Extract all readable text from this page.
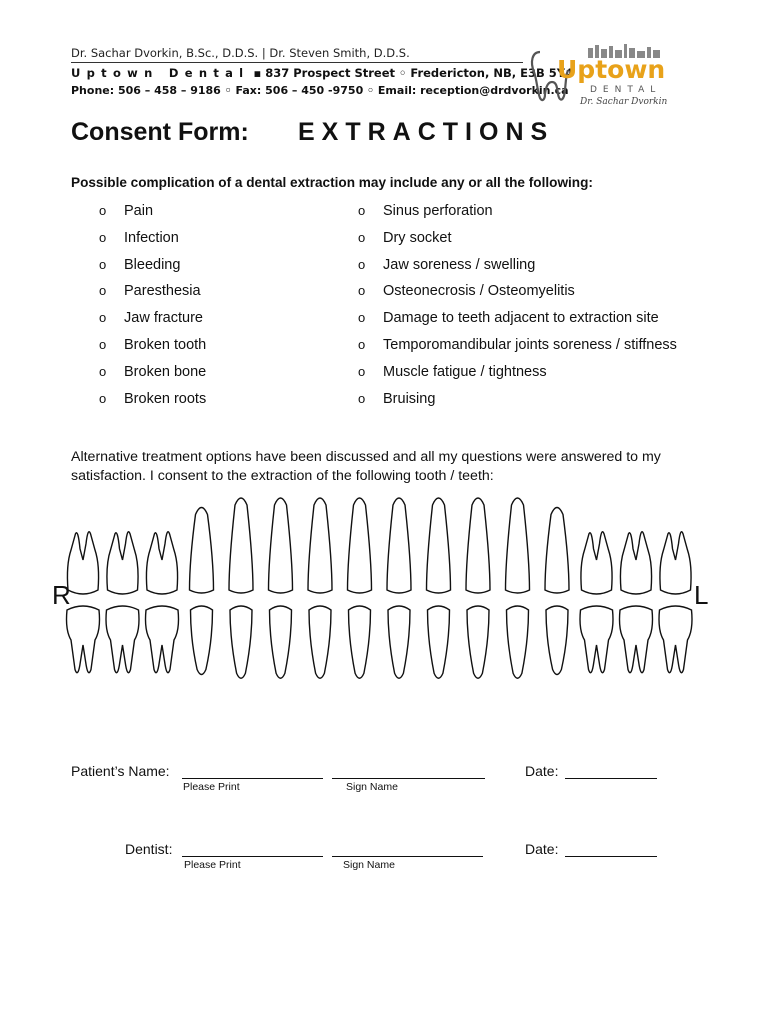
Dr. Sachar Dvorkin, B.Sc., D.D.S. | Dr. Steven Smith, D.D.S.
Uptown Dental ▪ 837 Prospect Street ◦ Fredericton, NB, E3B 5Y4
Phone: 506 – 458 – 9186 ◦ Fax: 506 – 450 -9750 ◦ Email: reception@drdvorkin.ca
Uptown
DENTAL
Dr. Sachar Dvorkin
Consent Form: EXTRACTIONS
Possible complication of a dental extraction may include any or all the following:
o Pain
o Infection
o Bleeding
o Paresthesia
o Jaw fracture
o Broken tooth
o Broken bone
o Broken roots
o Sinus perforation
o Dry socket
o Jaw soreness / swelling
o Osteonecrosis / Osteomyelitis
o Damage to teeth adjacent to extraction site
o Temporomandibular joints soreness / stiffness
o Muscle fatigue / tightness
o Bruising
Alternative treatment options have been discussed and all my questions were answered to my satisfaction. I consent to the extraction of the following tooth / teeth:
R	L
Patient’s Name:
Please Print	Sign Name
Date:
Dentist:
Please Print	Sign Name
Date:
